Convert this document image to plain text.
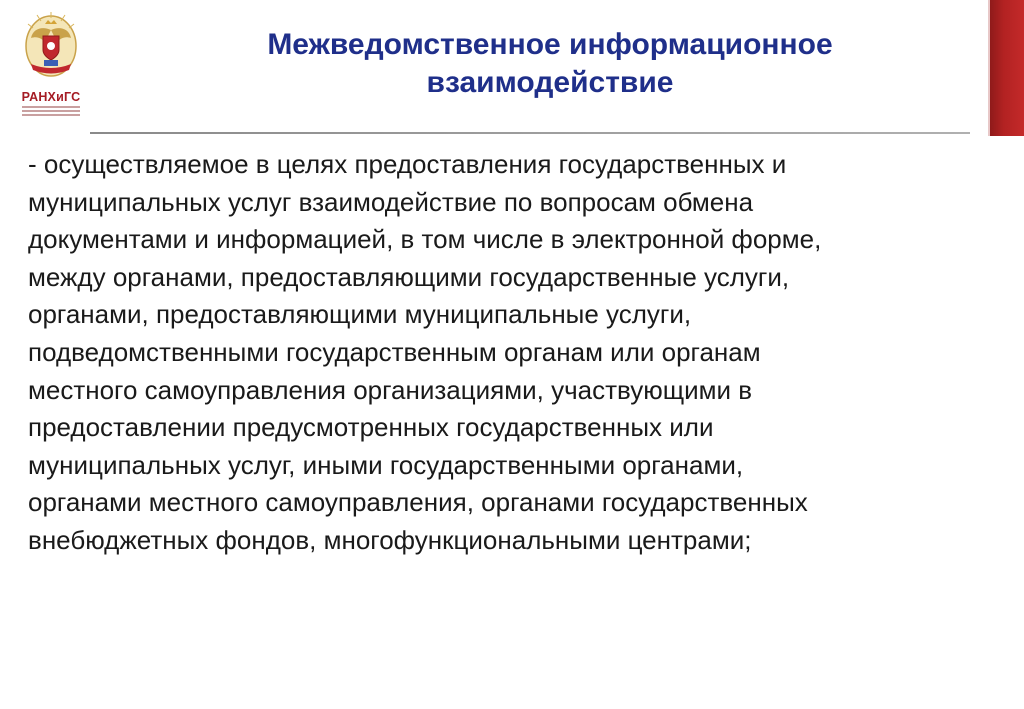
РАНХиГС
Межведомственное информационное
взаимодействие
- осуществляемое в целях предоставления государственных и
муниципальных услуг взаимодействие по вопросам обмена
документами и информацией, в том числе в электронной форме,
между органами, предоставляющими государственные услуги,
органами, предоставляющими муниципальные услуги,
подведомственными государственным органам или органам
местного самоуправления организациями, участвующими в
предоставлении предусмотренных государственных или
муниципальных услуг, иными государственными органами,
органами местного самоуправления, органами государственных
внебюджетных фондов, многофункциональными центрами;
